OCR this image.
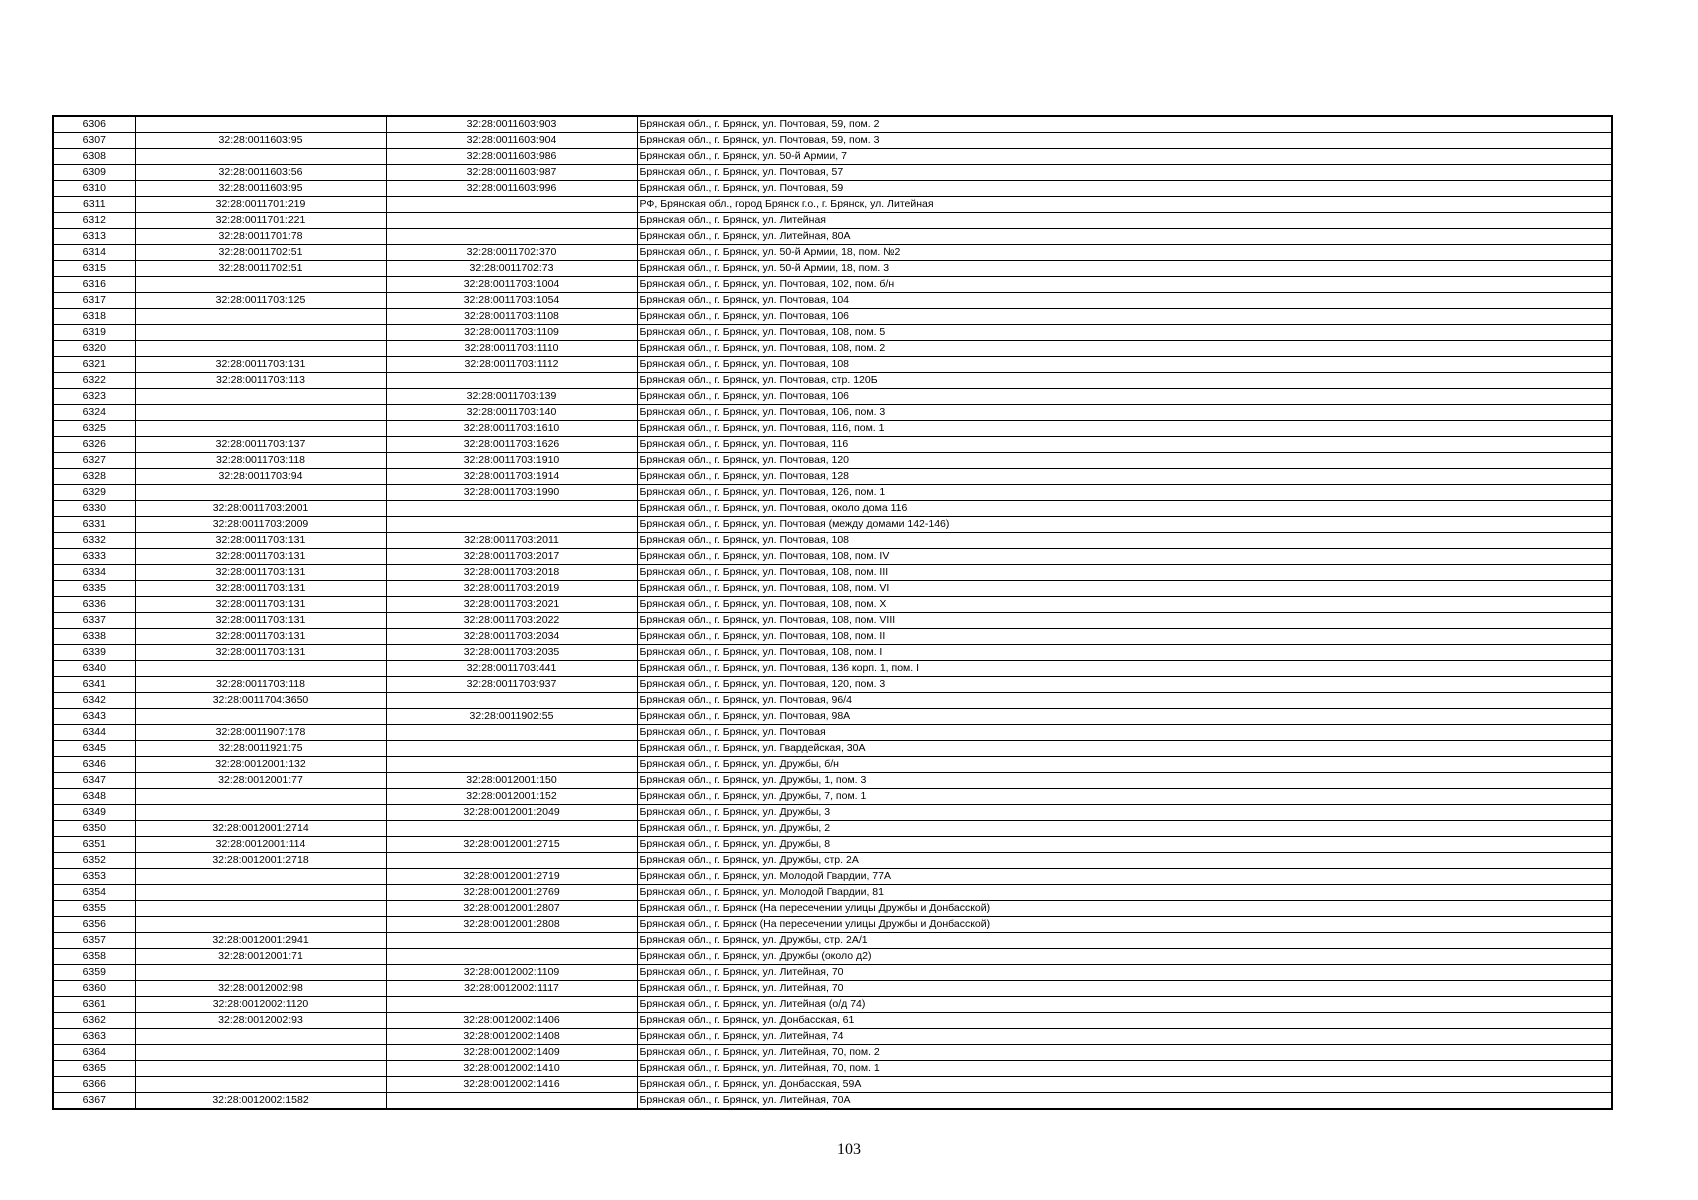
6306		32:28:0011603:903	Брянская обл., г. Брянск, ул. Почтовая, 59, пом. 2
6307	32:28:0011603:95	32:28:0011603:904	Брянская обл., г. Брянск, ул. Почтовая, 59, пом. 3
6308		32:28:0011603:986	Брянская обл., г. Брянск, ул. 50-й Армии, 7
6309	32:28:0011603:56	32:28:0011603:987	Брянская обл., г. Брянск, ул. Почтовая, 57
6310	32:28:0011603:95	32:28:0011603:996	Брянская обл., г. Брянск, ул. Почтовая, 59
6311	32:28:0011701:219		РФ, Брянская обл., город Брянск г.о., г. Брянск, ул. Литейная
6312	32:28:0011701:221		Брянская обл., г. Брянск, ул. Литейная
6313	32:28:0011701:78		Брянская обл., г. Брянск, ул. Литейная, 80А
6314	32:28:0011702:51	32:28:0011702:370	Брянская обл., г. Брянск, ул. 50-й Армии, 18, пом. №2
6315	32:28:0011702:51	32:28:0011702:73	Брянская обл., г. Брянск, ул. 50-й Армии, 18, пом. 3
6316		32:28:0011703:1004	Брянская обл., г. Брянск, ул. Почтовая, 102, пом. б/н
6317	32:28:0011703:125	32:28:0011703:1054	Брянская обл., г. Брянск, ул. Почтовая, 104
6318		32:28:0011703:1108	Брянская обл., г. Брянск, ул. Почтовая, 106
6319		32:28:0011703:1109	Брянская обл., г. Брянск, ул. Почтовая, 108, пом. 5
6320		32:28:0011703:1110	Брянская обл., г. Брянск, ул. Почтовая, 108, пом. 2
6321	32:28:0011703:131	32:28:0011703:1112	Брянская обл., г. Брянск, ул. Почтовая, 108
6322	32:28:0011703:113		Брянская обл., г. Брянск, ул. Почтовая, стр. 120Б
6323		32:28:0011703:139	Брянская обл., г. Брянск, ул. Почтовая, 106
6324		32:28:0011703:140	Брянская обл., г. Брянск, ул. Почтовая, 106, пом. 3
6325		32:28:0011703:1610	Брянская обл., г. Брянск, ул. Почтовая, 116, пом. 1
6326	32:28:0011703:137	32:28:0011703:1626	Брянская обл., г. Брянск, ул. Почтовая, 116
6327	32:28:0011703:118	32:28:0011703:1910	Брянская обл., г. Брянск, ул. Почтовая, 120
6328	32:28:0011703:94	32:28:0011703:1914	Брянская обл., г. Брянск, ул. Почтовая, 128
6329		32:28:0011703:1990	Брянская обл., г. Брянск, ул. Почтовая, 126, пом. 1
6330	32:28:0011703:2001		Брянская обл., г. Брянск, ул. Почтовая, около дома 116
6331	32:28:0011703:2009		Брянская обл., г. Брянск, ул. Почтовая (между домами 142-146)
6332	32:28:0011703:131	32:28:0011703:2011	Брянская обл., г. Брянск, ул. Почтовая, 108
6333	32:28:0011703:131	32:28:0011703:2017	Брянская обл., г. Брянск, ул. Почтовая, 108, пом. IV
6334	32:28:0011703:131	32:28:0011703:2018	Брянская обл., г. Брянск, ул. Почтовая, 108, пом. III
6335	32:28:0011703:131	32:28:0011703:2019	Брянская обл., г. Брянск, ул. Почтовая, 108, пом. VI
6336	32:28:0011703:131	32:28:0011703:2021	Брянская обл., г. Брянск, ул. Почтовая, 108, пом. X
6337	32:28:0011703:131	32:28:0011703:2022	Брянская обл., г. Брянск, ул. Почтовая, 108, пом. VIII
6338	32:28:0011703:131	32:28:0011703:2034	Брянская обл., г. Брянск, ул. Почтовая, 108, пом. II
6339	32:28:0011703:131	32:28:0011703:2035	Брянская обл., г. Брянск, ул. Почтовая, 108, пом. I
6340		32:28:0011703:441	Брянская обл., г. Брянск, ул. Почтовая, 136 корп. 1, пом. I
6341	32:28:0011703:118	32:28:0011703:937	Брянская обл., г. Брянск, ул. Почтовая, 120, пом. 3
6342	32:28:0011704:3650		Брянская обл., г. Брянск, ул. Почтовая, 96/4
6343		32:28:0011902:55	Брянская обл., г. Брянск, ул. Почтовая, 98А
6344	32:28:0011907:178		Брянская обл., г. Брянск, ул. Почтовая
6345	32:28:0011921:75		Брянская обл., г. Брянск, ул. Гвардейская, 30А
6346	32:28:0012001:132		Брянская обл., г. Брянск, ул. Дружбы, б/н
6347	32:28:0012001:77	32:28:0012001:150	Брянская обл., г. Брянск, ул. Дружбы, 1, пом. 3
6348		32:28:0012001:152	Брянская обл., г. Брянск, ул. Дружбы, 7, пом. 1
6349		32:28:0012001:2049	Брянская обл., г. Брянск, ул. Дружбы, 3
6350	32:28:0012001:2714		Брянская обл., г. Брянск, ул. Дружбы, 2
6351	32:28:0012001:114	32:28:0012001:2715	Брянская обл., г. Брянск, ул. Дружбы, 8
6352	32:28:0012001:2718		Брянская обл., г. Брянск, ул. Дружбы, стр. 2А
6353		32:28:0012001:2719	Брянская обл., г. Брянск, ул. Молодой Гвардии, 77А
6354		32:28:0012001:2769	Брянская обл., г. Брянск, ул. Молодой Гвардии, 81
6355		32:28:0012001:2807	Брянская обл., г. Брянск (На пересечении улицы Дружбы и Донбасской)
6356		32:28:0012001:2808	Брянская обл., г. Брянск (На пересечении улицы Дружбы и Донбасской)
6357	32:28:0012001:2941		Брянская обл., г. Брянск, ул. Дружбы, стр. 2А/1
6358	32:28:0012001:71		Брянская обл., г. Брянск, ул. Дружбы (около д2)
6359		32:28:0012002:1109	Брянская обл., г. Брянск, ул. Литейная, 70
6360	32:28:0012002:98	32:28:0012002:1117	Брянская обл., г. Брянск, ул. Литейная, 70
6361	32:28:0012002:1120		Брянская обл., г. Брянск, ул. Литейная (о/д 74)
6362	32:28:0012002:93	32:28:0012002:1406	Брянская обл., г. Брянск, ул. Донбасская, 61
6363		32:28:0012002:1408	Брянская обл., г. Брянск, ул. Литейная, 74
6364		32:28:0012002:1409	Брянская обл., г. Брянск, ул. Литейная, 70, пом. 2
6365		32:28:0012002:1410	Брянская обл., г. Брянск, ул. Литейная, 70, пом. 1
6366		32:28:0012002:1416	Брянская обл., г. Брянск, ул. Донбасская, 59А
6367	32:28:0012002:1582		Брянская обл., г. Брянск, ул. Литейная, 70А
103
